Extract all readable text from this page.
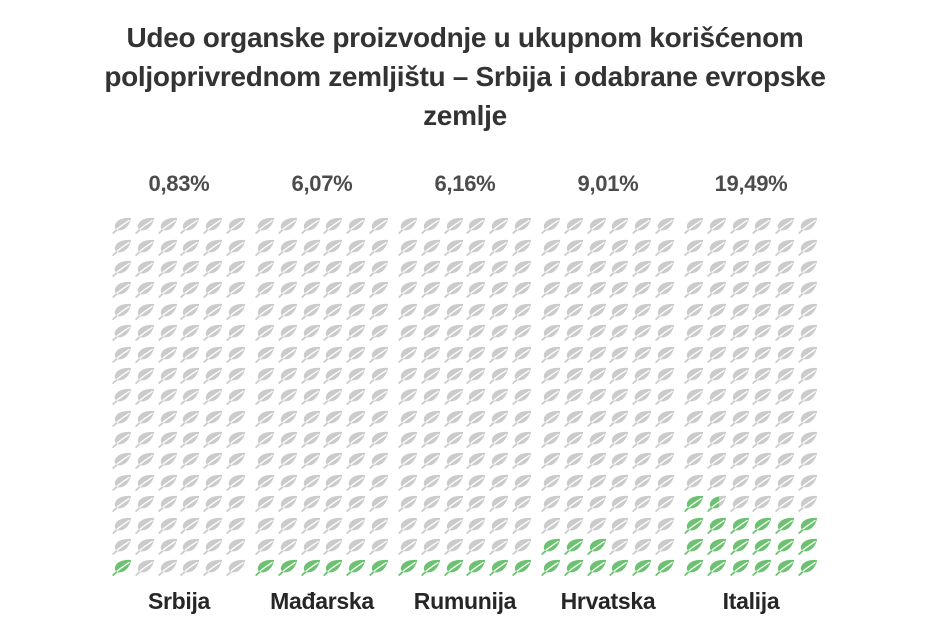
Udeo organske proizvodnje u ukupnom korišćenom
poljoprivrednom zemljištu – Srbija i odabrane evropske
zemlje
0,83%
Srbija
6,07%
Mađarska
6,16%
Rumunija
9,01%
Hrvatska
19,49%
Italija
